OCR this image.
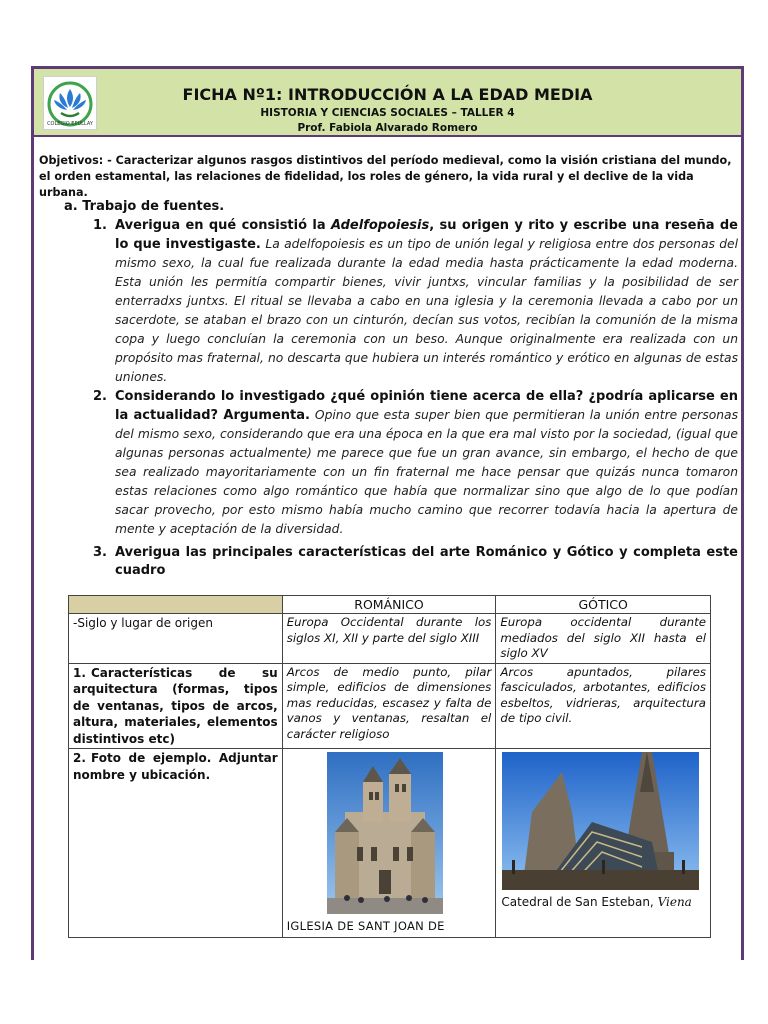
COLEGIO EPULLAY
FICHA Nº1: INTRODUCCIÓN A LA EDAD MEDIA
HISTORIA Y CIENCIAS SOCIALES – TALLER 4
Prof. Fabiola Alvarado Romero
Objetivos: - Caracterizar algunos rasgos distintivos del período medieval, como la visión cristiana del mundo, el orden estamental, las relaciones de fidelidad, los roles de género, la vida rural y el declive de la vida urbana.
a. Trabajo de fuentes.
1. Averigua en qué consistió la Adelfopoiesis, su origen y rito y escribe una reseña de lo que investigaste. La adelfopoiesis es un tipo de unión legal y religiosa entre dos personas del mismo sexo, la cual fue realizada durante la edad media hasta prácticamente la edad moderna. Esta unión les permitía compartir bienes, vivir juntxs, vincular familias y la posibilidad de ser enterradxs juntxs. El ritual se llevaba a cabo en una iglesia y la ceremonia llevada a cabo por un sacerdote, se ataban el brazo con un cinturón, decían sus votos, recibían la comunión de la misma copa y luego concluían la ceremonia con un beso. Aunque originalmente era realizada con un propósito mas fraternal, no descarta que hubiera un interés romántico y erótico en algunas de estas uniones.
2. Considerando lo investigado ¿qué opinión tiene acerca de ella? ¿podría aplicarse en la actualidad? Argumenta. Opino que esta super bien que permitieran la unión entre personas del mismo sexo, considerando que era una época en la que era mal visto por la sociedad, (igual que algunas personas actualmente) me parece que fue un gran avance, sin embargo, el hecho de que sea realizado mayoritariamente con un fin fraternal me hace pensar que quizás nunca tomaron estas relaciones como algo romántico que había que normalizar sino que algo de lo que podían sacar provecho, por esto mismo había mucho camino que recorrer todavía hacia la apertura de mente y aceptación de la diversidad.
3. Averigua las principales características del arte Románico y Gótico y completa este cuadro
	ROMÁNICO	GÓTICO
-Siglo y lugar de origen	Europa Occidental durante los siglos XI, XII y parte del siglo XIII	Europa occidental durante mediados del siglo XII hasta el siglo XV
1. Características de su arquitectura (formas, tipos de ventanas, tipos de arcos, altura, materiales, elementos distintivos etc)	Arcos de medio punto, pilar simple, edificios de dimensiones mas reducidas, escasez y falta de vanos y ventanas, resaltan el carácter religioso	Arcos apuntados, pilares fasciculados, arbotantes, edificios esbeltos, vidrieras, arquitectura de tipo civil.
2. Foto de ejemplo. Adjuntar nombre y ubicación.	IGLESIA DE SANT JOAN DE	Catedral de San Esteban, Viena
